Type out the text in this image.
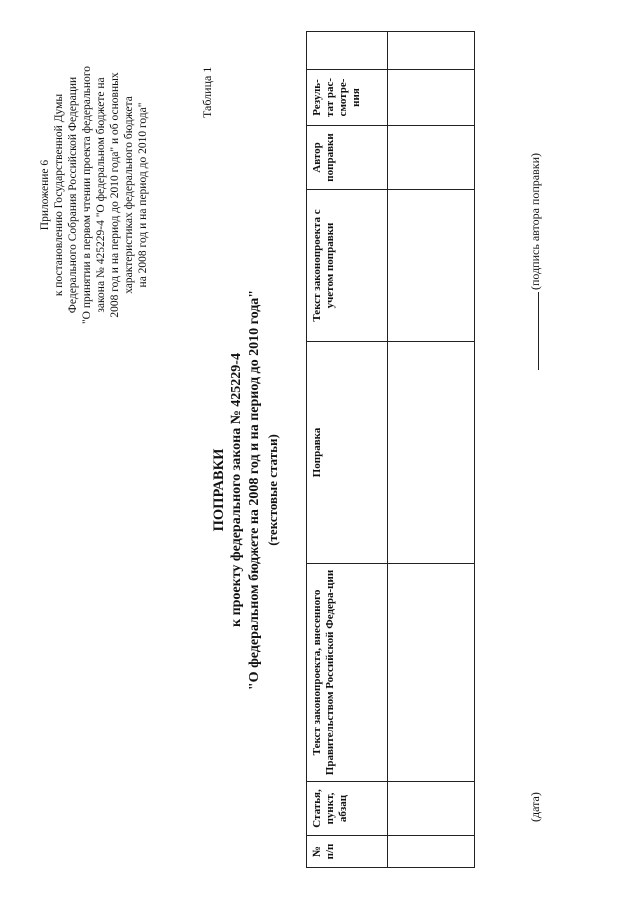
Приложение 6 к постановлению Государственной Думы Федерального Собрания Российской Федерации "О принятии в первом чтении проекта федерального закона № 425229-4 "О федеральном бюджете на 2008 год и на период до 2010 года" и об основных характеристиках федерального бюджета на 2008 год и на период до 2010 года"
Таблица 1
ПОПРАВКИ к проекту федерального закона № 425229-4 "О федеральном бюджете на 2008 год и на период до 2010 года" (текстовые статьи)
№ п/п	Статья, пункт, абзац	Текст законопроекта, внесенного Правительством Российской Федера-ции	Поправка	Текст законопроекта с учетом поправки	Автор поправки	Резуль-тат рас-смотре-ния	

(дата)
(подпись автора поправки)
